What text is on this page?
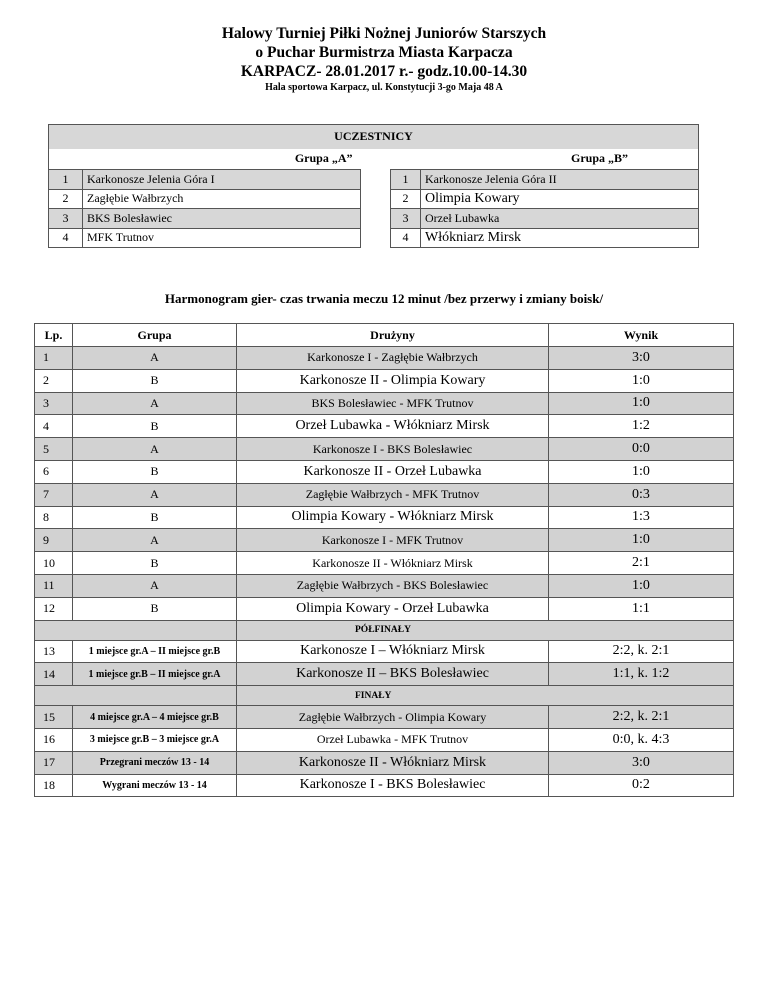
Halowy Turniej Piłki Nożnej Juniorów Starszych
o Puchar Burmistrza Miasta Karpacza
KARPACZ- 28.01.2017 r.- godz.10.00-14.30
Hala sportowa Karpacz, ul. Konstytucji 3-go Maja 48 A
UCZESTNICY				
Grupa „A”			Grupa „B”	
1	Karkonosze Jelenia Góra I		1	Karkonosze Jelenia Góra II
2	Zagłębie Wałbrzych		2	Olimpia Kowary
3	BKS Bolesławiec		3	Orzeł Lubawka
4	MFK Trutnov		4	Włókniarz Mirsk
Harmonogram gier- czas trwania meczu 12 minut /bez przerwy i zmiany boisk/
Lp.	Grupa	Drużyny	Wynik
1	A	Karkonosze I - Zagłębie Wałbrzych	3:0
2	B	Karkonosze II - Olimpia Kowary	1:0
3	A	BKS Bolesławiec - MFK Trutnov	1:0
4	B	Orzeł Lubawka - Włókniarz Mirsk	1:2
5	A	Karkonosze I - BKS Bolesławiec	0:0
6	B	Karkonosze II - Orzeł Lubawka	1:0
7	A	Zagłębie Wałbrzych - MFK Trutnov	0:3
8	B	Olimpia Kowary - Włókniarz Mirsk	1:3
9	A	Karkonosze I - MFK Trutnov	1:0
10	B	Karkonosze II - Włókniarz Mirsk	2:1
11	A	Zagłębie Wałbrzych - BKS Bolesławiec	1:0
12	B	Olimpia Kowary - Orzeł Lubawka	1:1
		PÓŁFINAŁY	
13	1 miejsce gr.A – II miejsce gr.B	Karkonosze I – Włókniarz Mirsk	2:2, k. 2:1
14	1 miejsce gr.B – II miejsce gr.A	Karkonosze II – BKS Bolesławiec	1:1, k. 1:2
		FINAŁY	
15	4 miejsce gr.A – 4 miejsce gr.B	Zagłębie Wałbrzych - Olimpia Kowary	2:2, k. 2:1
16	3 miejsce gr.B – 3 miejsce gr.A	Orzeł Lubawka - MFK Trutnov	0:0, k. 4:3
17	Przegrani meczów 13 - 14	Karkonosze II - Włókniarz Mirsk	3:0
18	Wygrani meczów 13 - 14	Karkonosze I - BKS Bolesławiec	0:2
